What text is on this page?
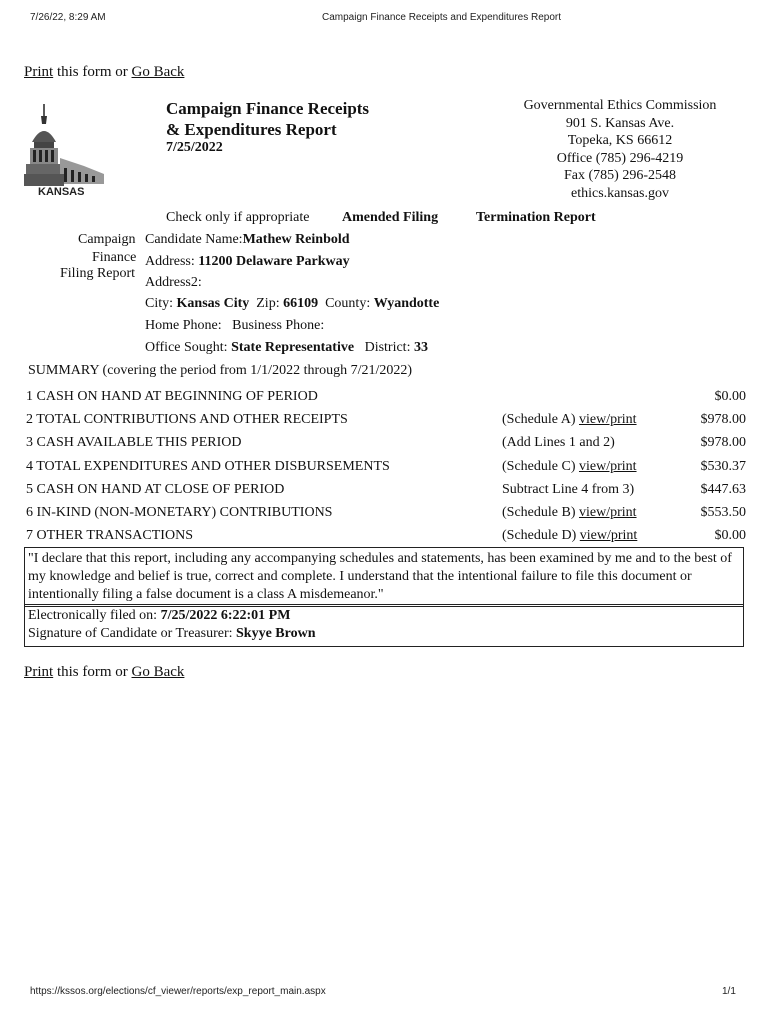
7/26/22, 8:29 AM	Campaign Finance Receipts and Expenditures Report
Print this form or Go Back
KANSAS
Campaign Finance Receipts
& Expenditures Report
7/25/2022
Governmental Ethics Commission
901 S. Kansas Ave.
Topeka, KS 66612
Office (785) 296-4219
Fax (785) 296-2548
ethics.kansas.gov
Check only if appropriate Amended Filing	Termination Report
Campaign
Finance
Filing Report
Candidate Name:Mathew Reinbold
Address: 11200 Delaware Parkway
Address2:
City: Kansas City Zip: 66109 County: Wyandotte
Home Phone: Business Phone:
Office Sought: State Representative District: 33
SUMMARY (covering the period from 1/1/2022 through 7/21/2022)
1 CASH ON HAND AT BEGINNING OF PERIOD		$0.00
2 TOTAL CONTRIBUTIONS AND OTHER RECEIPTS	(Schedule A) view/print	$978.00
3 CASH AVAILABLE THIS PERIOD	(Add Lines 1 and 2)	$978.00
4 TOTAL EXPENDITURES AND OTHER DISBURSEMENTS	(Schedule C) view/print	$530.37
5 CASH ON HAND AT CLOSE OF PERIOD	Subtract Line 4 from 3)	$447.63
6 IN-KIND (NON-MONETARY) CONTRIBUTIONS	(Schedule B) view/print	$553.50
7 OTHER TRANSACTIONS	(Schedule D) view/print	$0.00
"I declare that this report, including any accompanying schedules and statements, has been examined by me and to the best of my knowledge and belief is true, correct and complete. I understand that the intentional failure to file this document or intentionally filing a false document is a class A misdemeanor."
Electronically filed on: 7/25/2022 6:22:01 PM
Signature of Candidate or Treasurer: Skyye Brown
Print this form or Go Back
https://kssos.org/elections/cf_viewer/reports/exp_report_main.aspx	1/1
